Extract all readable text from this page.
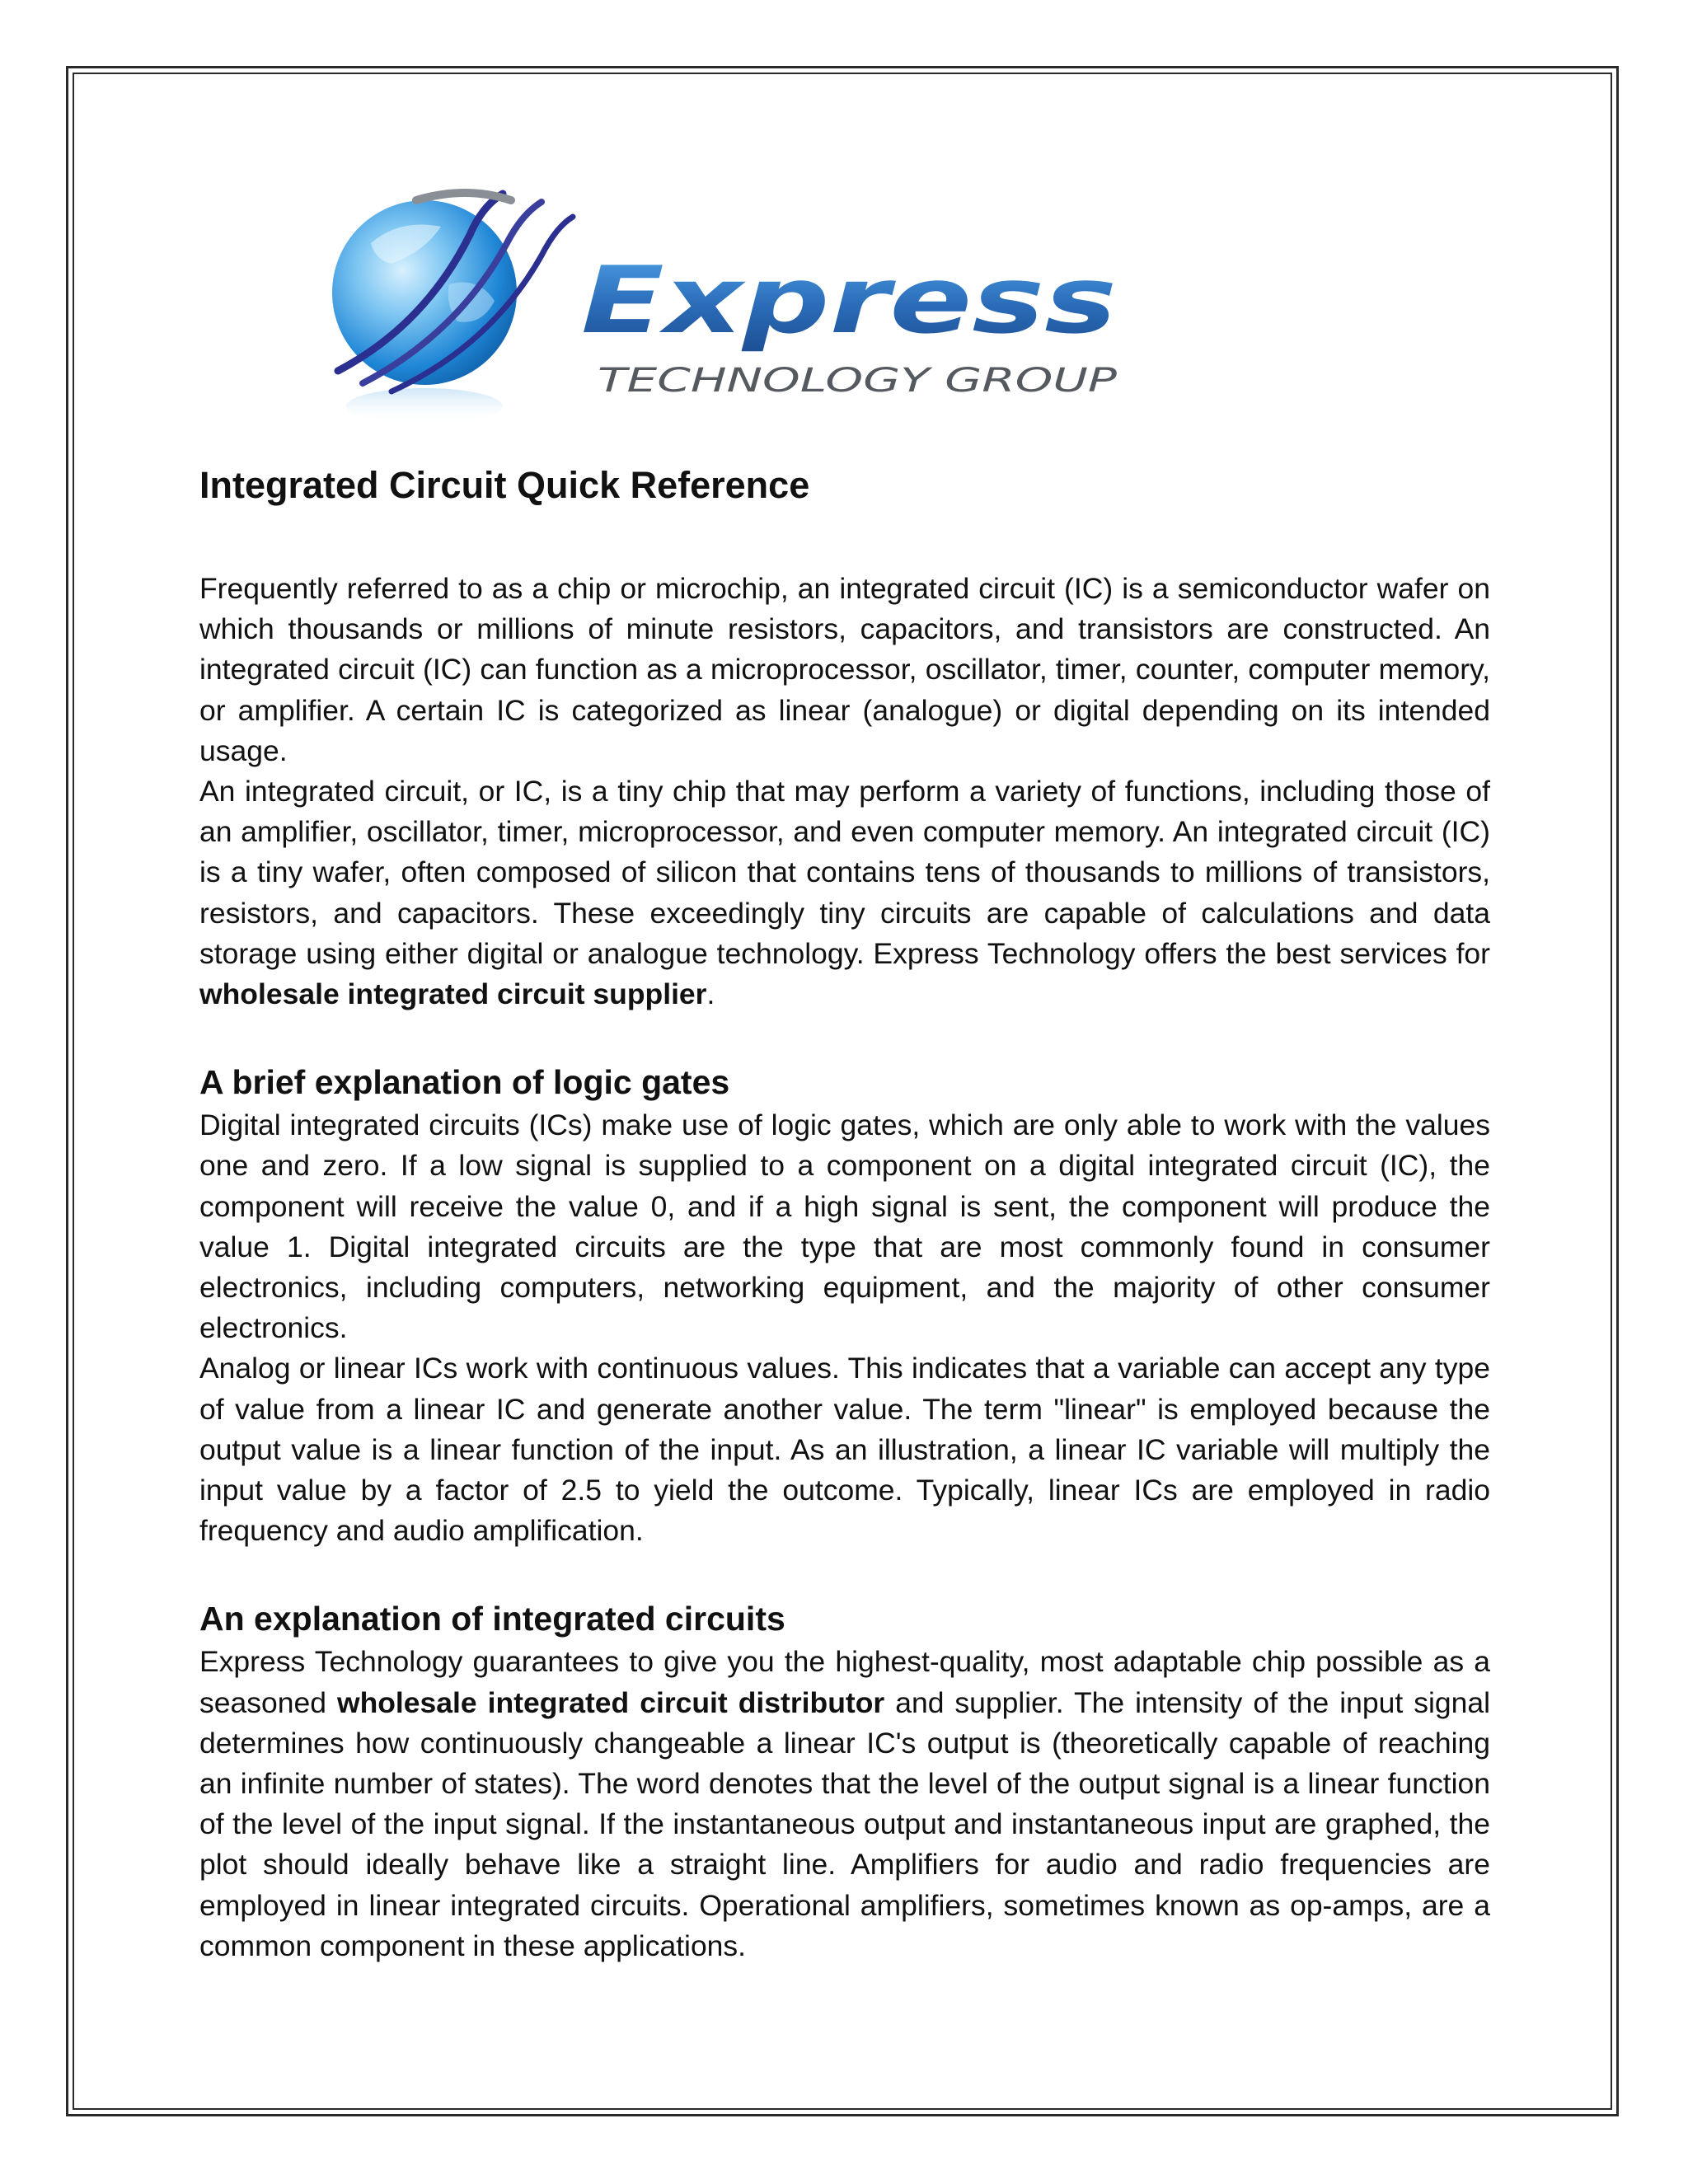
Express
TECHNOLOGY GROUP
Integrated Circuit Quick Reference

Frequently referred to as a chip or microchip, an integrated circuit (IC) is a semiconductor wafer on which thousands or millions of minute resistors, capacitors, and transistors are constructed. An integrated circuit (IC) can function as a microprocessor, oscillator, timer, counter, computer memory, or amplifier. A certain IC is categorized as linear (analogue) or digital depending on its intended usage.

An integrated circuit, or IC, is a tiny chip that may perform a variety of functions, including those of an amplifier, oscillator, timer, microprocessor, and even computer memory. An integrated circuit (IC) is a tiny wafer, often composed of silicon that contains tens of thousands to millions of transistors, resistors, and capacitors. These exceedingly tiny circuits are capable of calculations and data storage using either digital or analogue technology. Express Technology offers the best services for wholesale integrated circuit supplier.

A brief explanation of logic gates

Digital integrated circuits (ICs) make use of logic gates, which are only able to work with the values one and zero. If a low signal is supplied to a component on a digital integrated circuit (IC), the component will receive the value 0, and if a high signal is sent, the component will produce the value 1. Digital integrated circuits are the type that are most commonly found in consumer electronics, including computers, networking equipment, and the majority of other consumer electronics.

Analog or linear ICs work with continuous values. This indicates that a variable can accept any type of value from a linear IC and generate another value. The term "linear" is employed because the output value is a linear function of the input. As an illustration, a linear IC variable will multiply the input value by a factor of 2.5 to yield the outcome. Typically, linear ICs are employed in radio frequency and audio amplification.

An explanation of integrated circuits

Express Technology guarantees to give you the highest-quality, most adaptable chip possible as a seasoned wholesale integrated circuit distributor and supplier. The intensity of the input signal determines how continuously changeable a linear IC's output is (theoretically capable of reaching an infinite number of states). The word denotes that the level of the output signal is a linear function of the level of the input signal. If the instantaneous output and instantaneous input are graphed, the plot should ideally behave like a straight line. Amplifiers for audio and radio frequencies are employed in linear integrated circuits. Operational amplifiers, sometimes known as op-amps, are a common component in these applications.
